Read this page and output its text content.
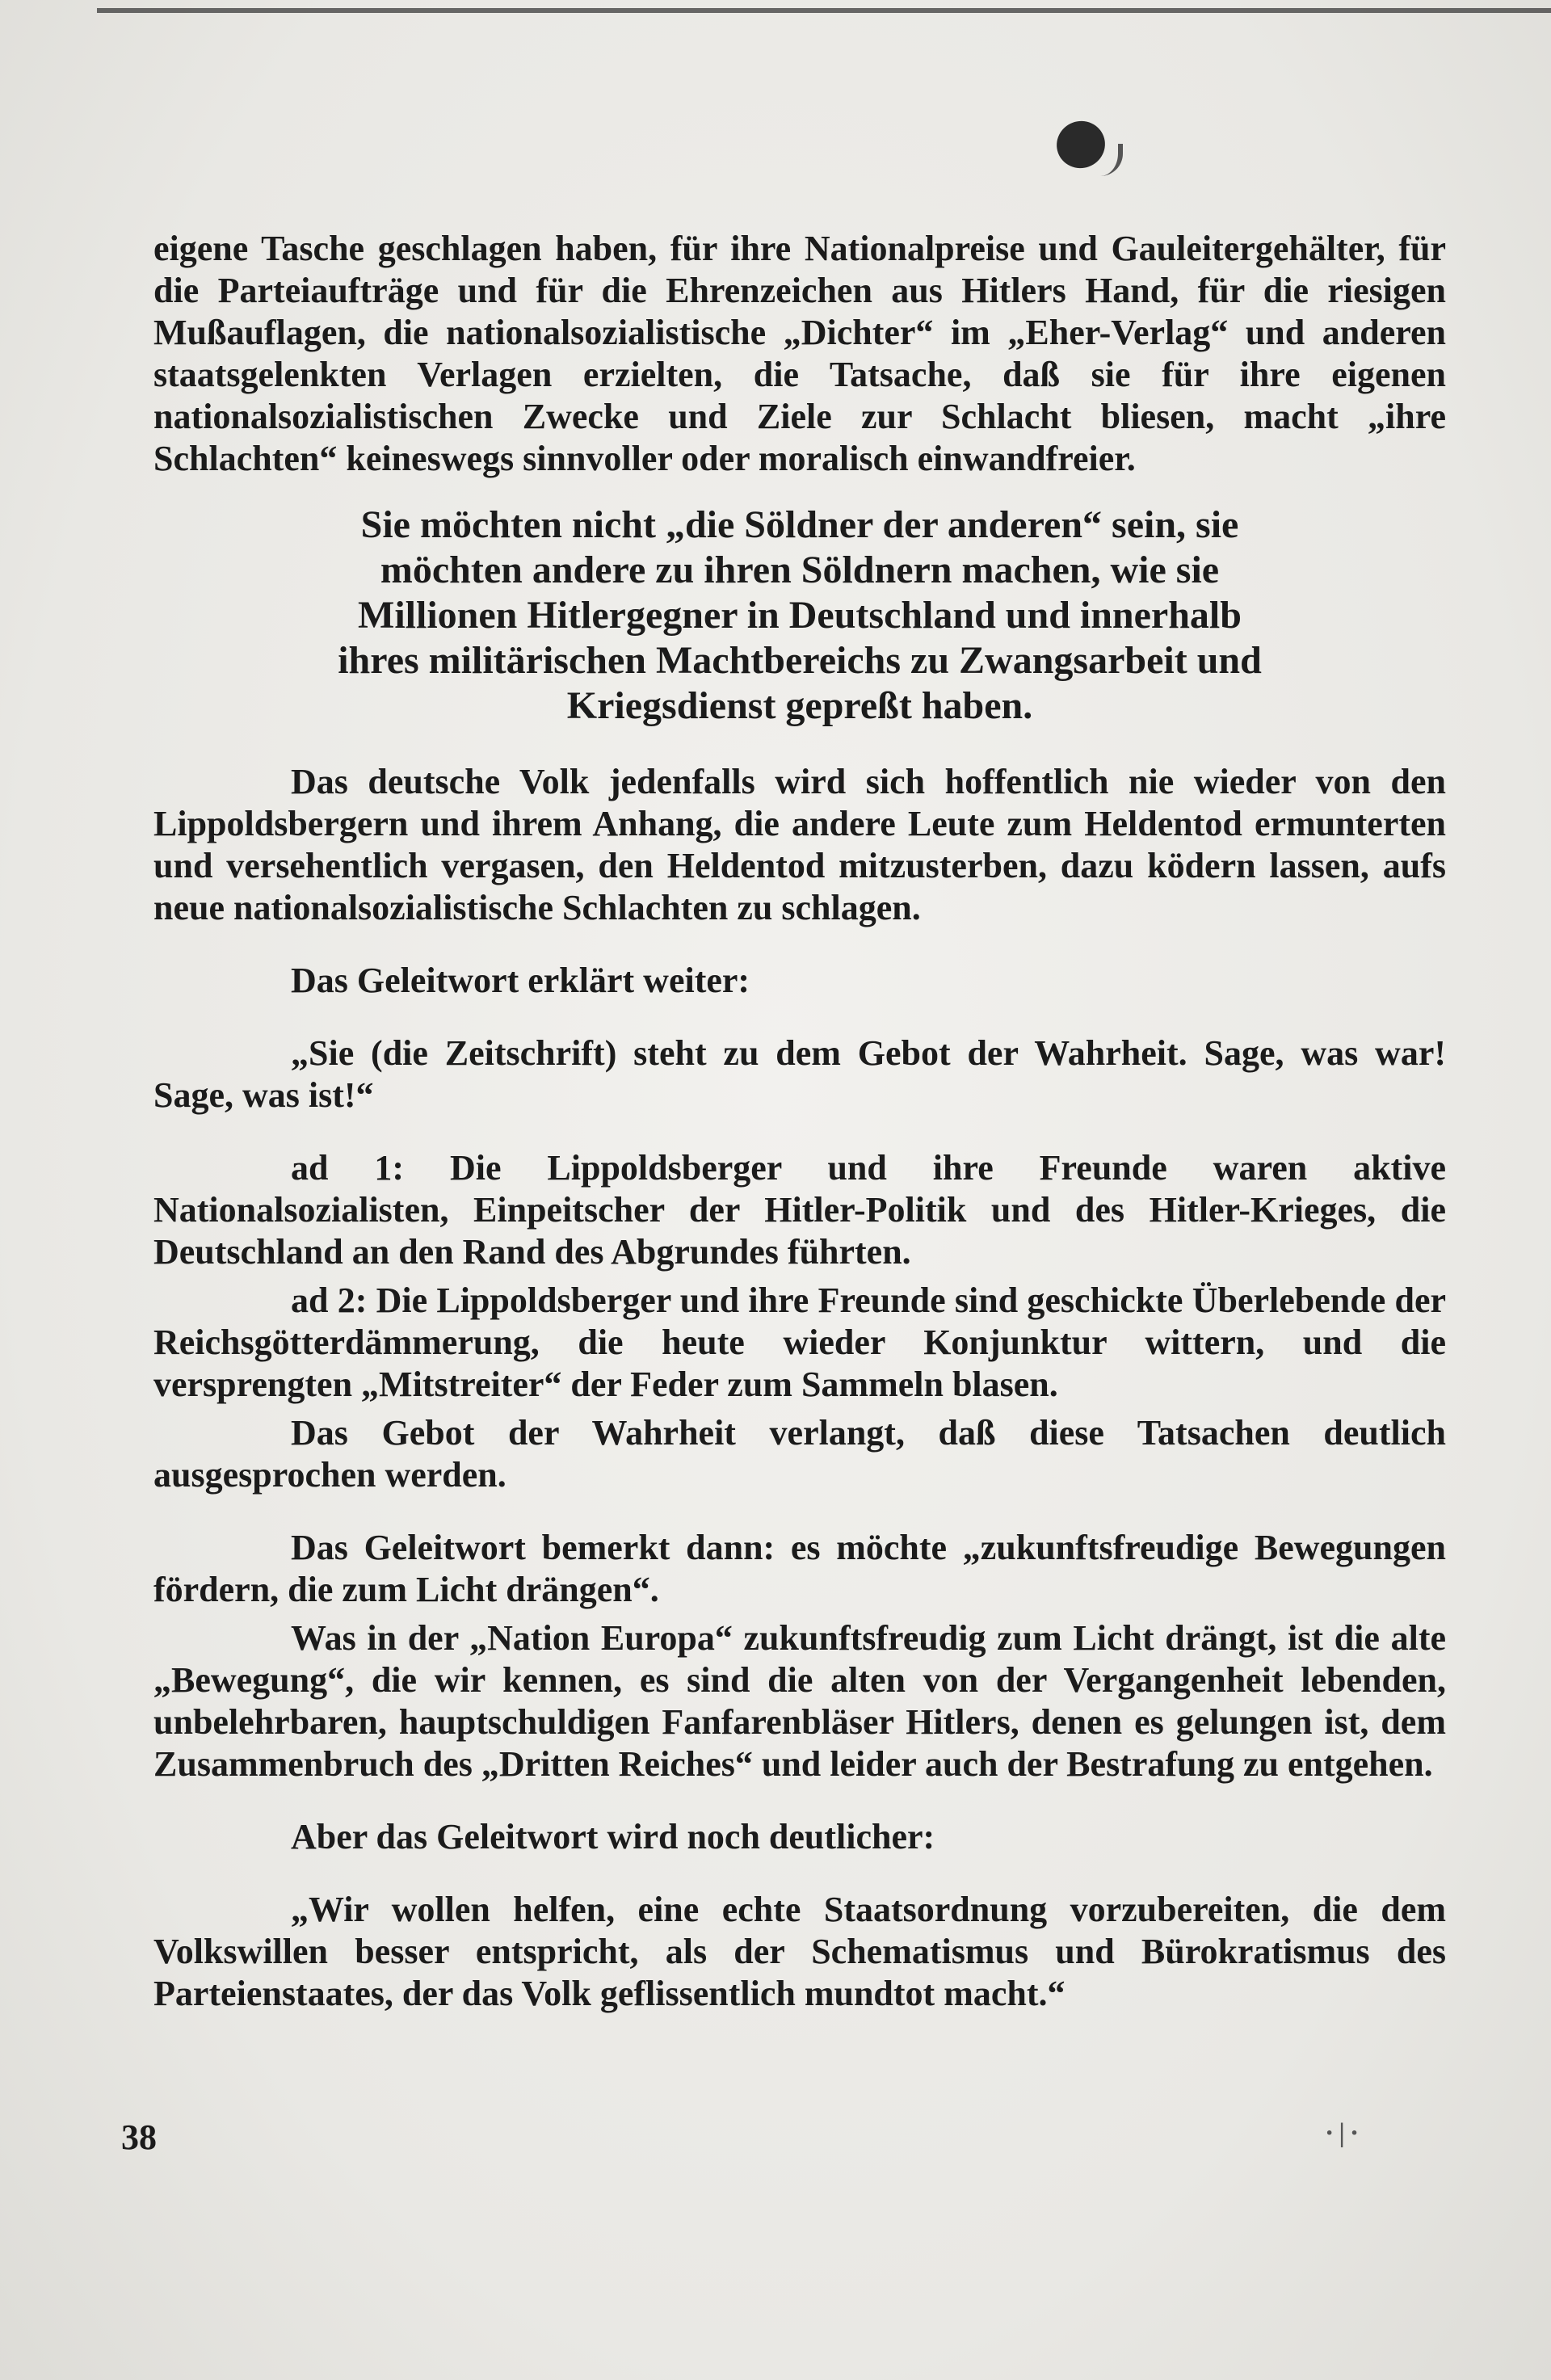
eigene Tasche geschlagen haben, für ihre Nationalpreise und Gauleitergehälter, für die Parteiaufträge und für die Ehrenzeichen aus Hitlers Hand, für die riesigen Mußauflagen, die nationalsozialistische „Dichter“ im „Eher-Verlag“ und anderen staatsgelenkten Verlagen erzielten, die Tatsache, daß sie für ihre eigenen nationalsozialistischen Zwecke und Ziele zur Schlacht bliesen, macht „ihre Schlachten“ keineswegs sinnvoller oder moralisch einwandfreier.

Sie möchten nicht „die Söldner der anderen“ sein, sie möchten andere zu ihren Söldnern machen, wie sie Millionen Hitlergegner in Deutschland und innerhalb ihres militärischen Machtbereichs zu Zwangsarbeit und Kriegsdienst gepreßt haben.

Das deutsche Volk jedenfalls wird sich hoffentlich nie wieder von den Lippoldsbergern und ihrem Anhang, die andere Leute zum Heldentod ermunterten und versehentlich vergasen, den Heldentod mitzusterben, dazu ködern lassen, aufs neue nationalsozialistische Schlachten zu schlagen.

Das Geleitwort erklärt weiter:

„Sie (die Zeitschrift) steht zu dem Gebot der Wahrheit. Sage, was war! Sage, was ist!“

ad 1: Die Lippoldsberger und ihre Freunde waren aktive Nationalsozialisten, Einpeitscher der Hitler-Politik und des Hitler-Krieges, die Deutschland an den Rand des Abgrundes führten.

ad 2: Die Lippoldsberger und ihre Freunde sind geschickte Überlebende der Reichsgötterdämmerung, die heute wieder Konjunktur wittern, und die versprengten „Mitstreiter“ der Feder zum Sammeln blasen.

Das Gebot der Wahrheit verlangt, daß diese Tatsachen deutlich ausgesprochen werden.

Das Geleitwort bemerkt dann: es möchte „zukunftsfreudige Bewegungen fördern, die zum Licht drängen“.

Was in der „Nation Europa“ zukunftsfreudig zum Licht drängt, ist die alte „Bewegung“, die wir kennen, es sind die alten von der Vergangenheit lebenden, unbelehrbaren, hauptschuldigen Fanfarenbläser Hitlers, denen es gelungen ist, dem Zusammenbruch des „Dritten Reiches“ und leider auch der Bestrafung zu entgehen.

Aber das Geleitwort wird noch deutlicher:

„Wir wollen helfen, eine echte Staatsordnung vorzubereiten, die dem Volkswillen besser entspricht, als der Schematismus und Bürokratismus des Parteienstaates, der das Volk geflissentlich mundtot macht.“

38	·|·
